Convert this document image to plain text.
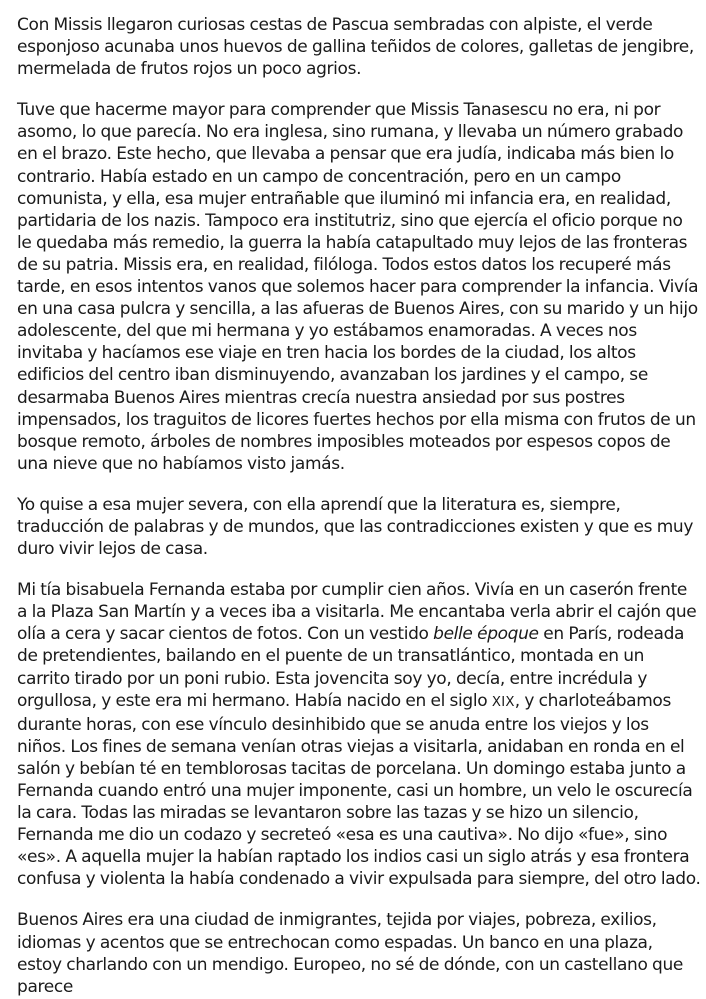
Con Missis llegaron curiosas cestas de Pascua sembradas con alpiste, el verde esponjoso acunaba unos huevos de gallina teñidos de colores, galletas de jengibre, mermelada de frutos rojos un poco agrios.

Tuve que hacerme mayor para comprender que Missis Tanasescu no era, ni por asomo, lo que parecía. No era inglesa, sino rumana, y llevaba un número grabado en el brazo. Este hecho, que llevaba a pensar que era judía, indicaba más bien lo contrario. Había estado en un campo de concentración, pero en un campo comunista, y ella, esa mujer entrañable que iluminó mi infancia era, en realidad, partidaria de los nazis. Tampoco era institutriz, sino que ejercía el oficio porque no le quedaba más remedio, la guerra la había catapultado muy lejos de las fronteras de su patria. Missis era, en realidad, filóloga. Todos estos datos los recuperé más tarde, en esos intentos vanos que solemos hacer para comprender la infancia. Vivía en una casa pulcra y sencilla, a las afueras de Buenos Aires, con su marido y un hijo adolescente, del que mi hermana y yo estábamos enamoradas. A veces nos invitaba y hacíamos ese viaje en tren hacia los bordes de la ciudad, los altos edificios del centro iban disminuyendo, avanzaban los jardines y el campo, se desarmaba Buenos Aires mientras crecía nuestra ansiedad por sus postres impensados, los traguitos de licores fuertes hechos por ella misma con frutos de un bosque remoto, árboles de nombres imposibles moteados por espesos copos de una nieve que no habíamos visto jamás.

Yo quise a esa mujer severa, con ella aprendí que la literatura es, siempre, traducción de palabras y de mundos, que las contradicciones existen y que es muy duro vivir lejos de casa.

Mi tía bisabuela Fernanda estaba por cumplir cien años. Vivía en un caserón frente a la Plaza San Martín y a veces iba a visitarla. Me encantaba verla abrir el cajón que olía a cera y sacar cientos de fotos. Con un vestido belle époque en París, rodeada de pretendientes, bailando en el puente de un transatlántico, montada en un carrito tirado por un poni rubio. Esta jovencita soy yo, decía, entre incrédula y orgullosa, y este era mi hermano. Había nacido en el siglo XIX, y charloteábamos durante horas, con ese vínculo desinhibido que se anuda entre los viejos y los niños. Los fines de semana venían otras viejas a visitarla, anidaban en ronda en el salón y bebían té en temblorosas tacitas de porcelana. Un domingo estaba junto a Fernanda cuando entró una mujer imponente, casi un hombre, un velo le oscurecía la cara. Todas las miradas se levantaron sobre las tazas y se hizo un silencio, Fernanda me dio un codazo y secreteó «esa es una cautiva». No dijo «fue», sino «es». A aquella mujer la habían raptado los indios casi un siglo atrás y esa frontera confusa y violenta la había condenado a vivir expulsada para siempre, del otro lado.

Buenos Aires era una ciudad de inmigrantes, tejida por viajes, pobreza, exilios, idiomas y acentos que se entrechocan como espadas. Un banco en una plaza, estoy charlando con un mendigo. Europeo, no sé de dónde, con un castellano que parece
